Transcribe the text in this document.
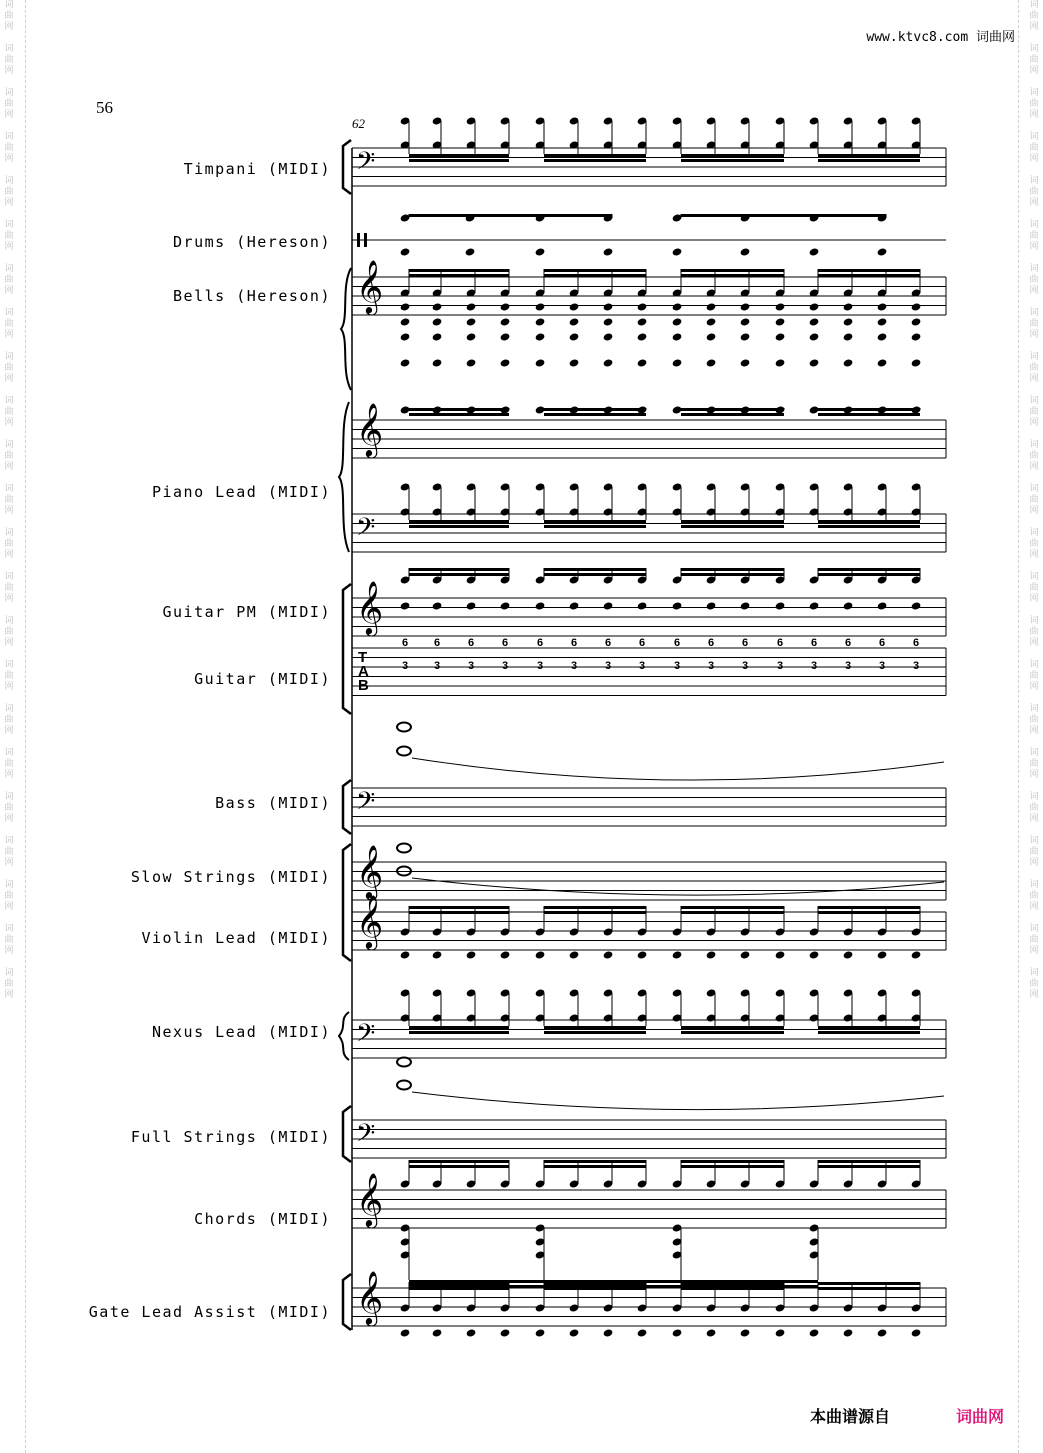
词
曲
网

词
曲
网

词
曲
网

词
曲
网

词
曲
网

词
曲
网

词
曲
网

词
曲
网

词
曲
网

词
曲
网

词
曲
网

词
曲
网

词
曲
网

词
曲
网

词
曲
网

词
曲
网

词
曲
网

词
曲
网

词
曲
网

词
曲
网

词
曲
网

词
曲
网

词
曲
网
词
曲
网

词
曲
网

词
曲
网

词
曲
网

词
曲
网

词
曲
网

词
曲
网

词
曲
网

词
曲
网

词
曲
网

词
曲
网

词
曲
网

词
曲
网

词
曲
网

词
曲
网

词
曲
网

词
曲
网

词
曲
网

词
曲
网

词
曲
网

词
曲
网

词
曲
网

词
曲
网
www.ktvc8.com 词曲网
56
62
Timpani (MIDI)
Drums (Hereson)
Bells (Hereson)
Piano Lead (MIDI)
Guitar PM (MIDI)
Guitar (MIDI)
Bass (MIDI)
Slow Strings (MIDI)
Violin Lead (MIDI)
Nexus Lead (MIDI)
Full Strings (MIDI)
Chords (MIDI)
Gate Lead Assist (MIDI)
𝄢
𝄞
𝄞
𝄢
𝄞
T
A
B
6
3
6
3
6
3
6
3
6
3
6
3
6
3
6
3
6
3
6
3
6
3
6
3
6
3
6
3
6
3
6
3
𝄢
𝄞
𝄞
𝄢
𝄢
𝄞
𝄞
本曲谱源自	词曲网
